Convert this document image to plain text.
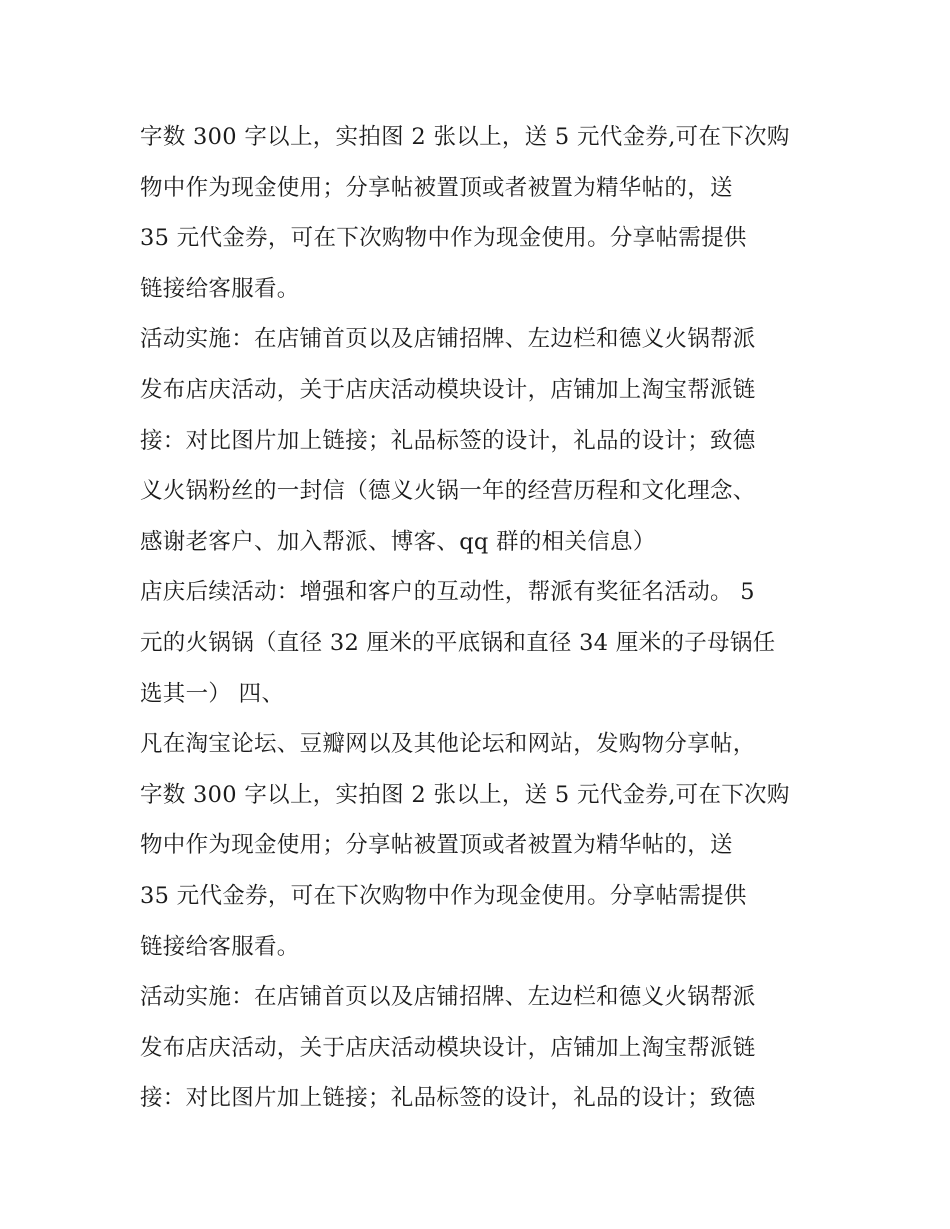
字数 300 字以上，实拍图 2 张以上，送 5 元代金券,可在下次购
物中作为现金使用；分享帖被置顶或者被置为精华帖的，送
35 元代金券，可在下次购物中作为现金使用。分享帖需提供
链接给客服看。
活动实施：在店铺首页以及店铺招牌、左边栏和德义火锅帮派
发布店庆活动，关于店庆活动模块设计，店铺加上淘宝帮派链
接：对比图片加上链接；礼品标签的设计，礼品的设计；致德
义火锅粉丝的一封信（德义火锅一年的经营历程和文化理念、
感谢老客户、加入帮派、博客、qq 群的相关信息）
店庆后续活动：增强和客户的互动性，帮派有奖征名活动。 5
元的火锅锅（直径 32 厘米的平底锅和直径 34 厘米的子母锅任
选其一） 四、
凡在淘宝论坛、豆瓣网以及其他论坛和网站，发购物分享帖，
字数 300 字以上，实拍图 2 张以上，送 5 元代金券,可在下次购
物中作为现金使用；分享帖被置顶或者被置为精华帖的，送
35 元代金券，可在下次购物中作为现金使用。分享帖需提供
链接给客服看。
活动实施：在店铺首页以及店铺招牌、左边栏和德义火锅帮派
发布店庆活动，关于店庆活动模块设计，店铺加上淘宝帮派链
接：对比图片加上链接；礼品标签的设计，礼品的设计；致德
